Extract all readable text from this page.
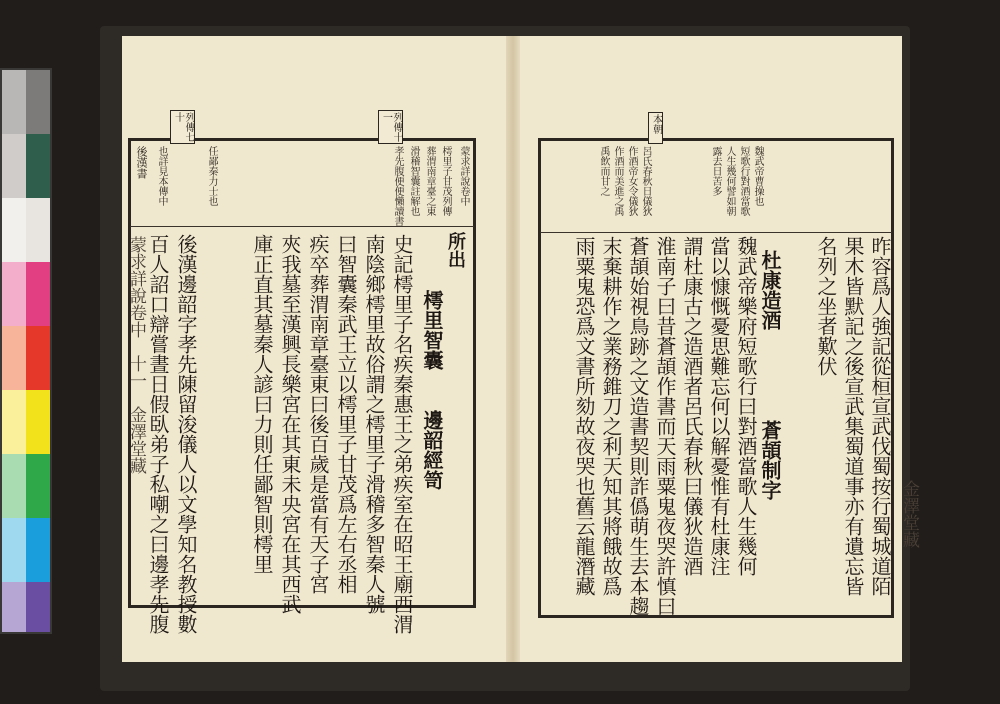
列傳七十	列傳十一
蒙求詳說卷中
樗里子甘茂列傳
葬渭南章臺之東
滑稽智囊註解也
孝先腹便便懶讀書
任鄙秦力士也
也詳見本傳中
後漢書
所出
樗里智囊
邊韶經笥
史記樗里子名疾秦惠王之弟疾室在昭王廟西渭
南陰鄉樗里故俗謂之樗里子滑稽多智秦人號
曰智囊秦武王立以樗里子甘茂爲左右丞相
疾卒葬渭南章臺東曰後百歲是當有天子宮
夾我墓至漢興長樂宮在其東未央宮在其西武
庫正直其墓秦人諺曰力則任鄙智則樗里
後漢邊韶字孝先陳留浚儀人以文學知名教授數
百人詔口辯嘗晝日假臥弟子私嘲之曰邊孝先腹
蒙求詳說卷中　十一　金澤堂藏
本朝
魏武帝曹操也
短歌行對酒當歌
人生幾何譬如朝
露去日苦多
呂氏春秋日儀狄
作酒帝女令儀狄
作酒而美進之禹
禹飲而甘之
杜康造酒
蒼頡制字	昨容爲人強記從桓宣武伐蜀按行蜀城道陌
果木皆默記之後宣武集蜀道事亦有遺忘皆
名列之坐者歎伏
魏武帝樂府短歌行曰對酒當歌人生幾何
當以慷慨憂思難忘何以解憂惟有杜康注
謂杜康古之造酒者呂氏春秋曰儀狄造酒
淮南子曰昔蒼頡作書而天雨粟鬼夜哭許慎曰
蒼頡始視鳥跡之文造書契則詐僞萌生去本趨
末棄耕作之業務錐刀之利天知其將餓故爲
雨粟鬼恐爲文書所劾故夜哭也舊云龍潛藏	金澤堂藏
